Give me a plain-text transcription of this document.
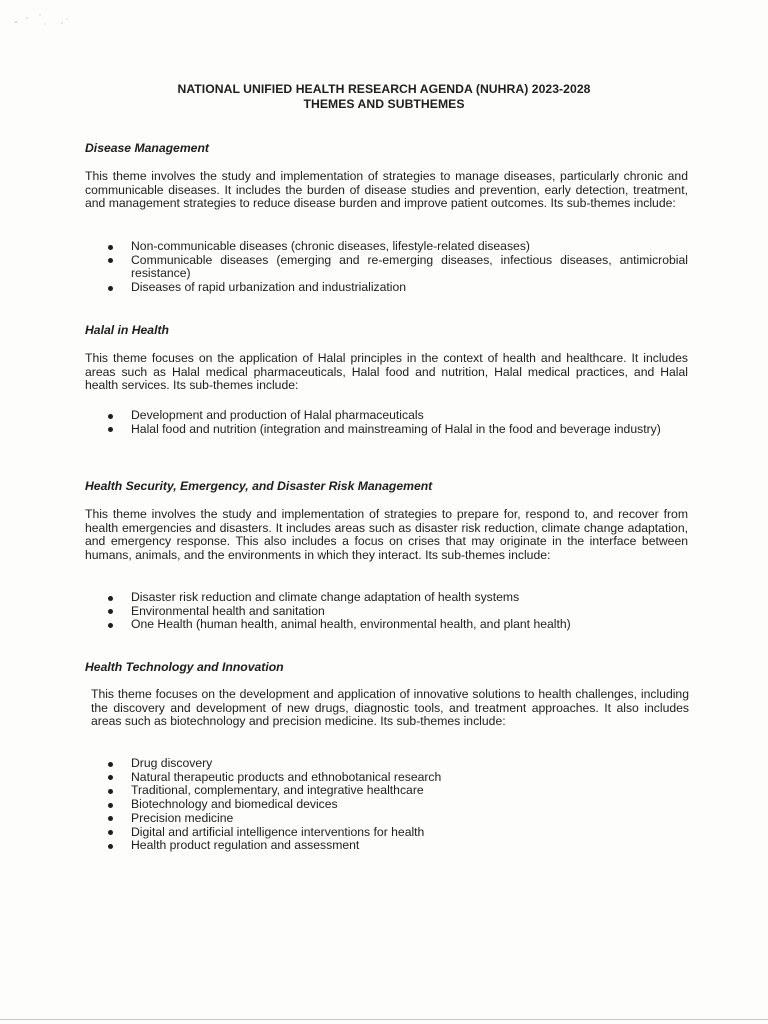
NATIONAL UNIFIED HEALTH RESEARCH AGENDA (NUHRA) 2023-2028
THEMES AND SUBTHEMES
Disease Management

This theme involves the study and implementation of strategies to manage diseases, particularly chronic and communicable diseases. It includes the burden of disease studies and prevention, early detection, treatment, and management strategies to reduce disease burden and improve patient outcomes. Its sub-themes include:

Non-communicable diseases (chronic diseases, lifestyle-related diseases)
Communicable diseases (emerging and re-emerging diseases, infectious diseases, antimicrobial resistance)
Diseases of rapid urbanization and industrialization
Halal in Health

This theme focuses on the application of Halal principles in the context of health and healthcare. It includes areas such as Halal medical pharmaceuticals, Halal food and nutrition, Halal medical practices, and Halal health services. Its sub-themes include:

Development and production of Halal pharmaceuticals
Halal food and nutrition (integration and mainstreaming of Halal in the food and beverage industry)
Health Security, Emergency, and Disaster Risk Management

This theme involves the study and implementation of strategies to prepare for, respond to, and recover from health emergencies and disasters. It includes areas such as disaster risk reduction, climate change adaptation, and emergency response. This also includes a focus on crises that may originate in the interface between humans, animals, and the environments in which they interact. Its sub-themes include:

Disaster risk reduction and climate change adaptation of health systems
Environmental health and sanitation
One Health (human health, animal health, environmental health, and plant health)
Health Technology and Innovation

This theme focuses on the development and application of innovative solutions to health challenges, including the discovery and development of new drugs, diagnostic tools, and treatment approaches. It also includes areas such as biotechnology and precision medicine. Its sub-themes include:

Drug discovery
Natural therapeutic products and ethnobotanical research
Traditional, complementary, and integrative healthcare
Biotechnology and biomedical devices
Precision medicine
Digital and artificial intelligence interventions for health
Health product regulation and assessment
